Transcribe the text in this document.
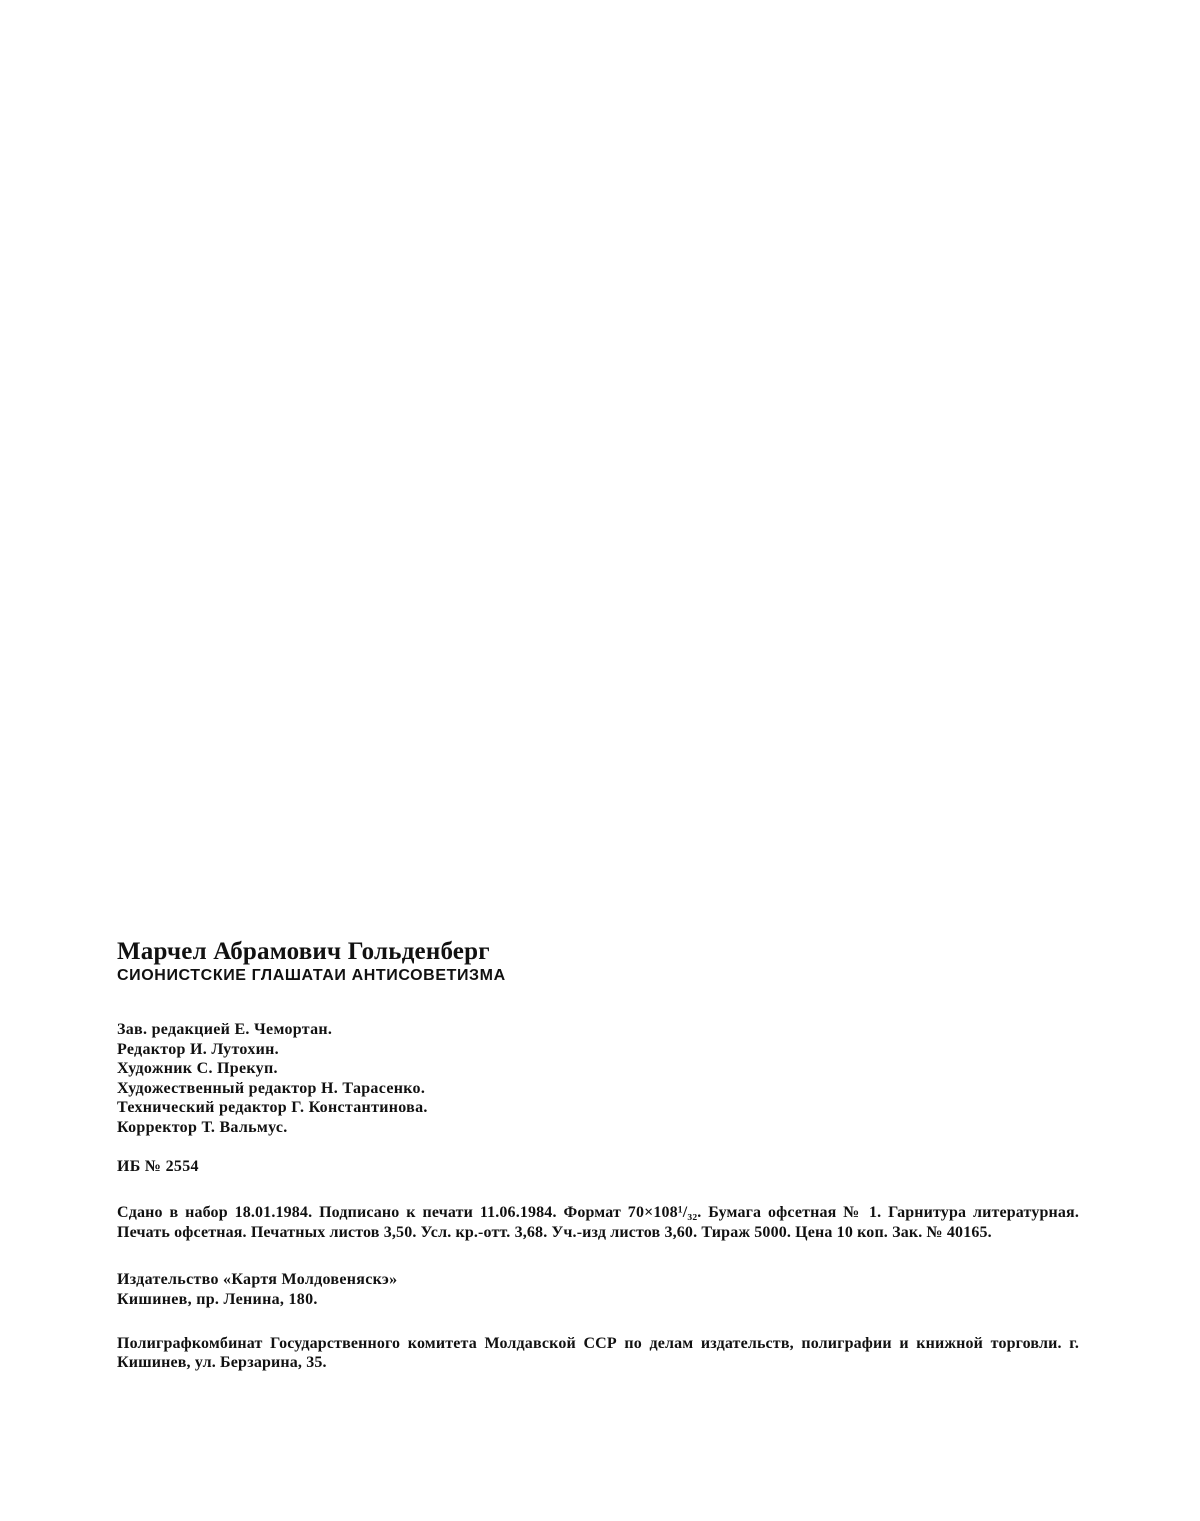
Марчел Абрамович Гольденберг

СИОНИСТСКИЕ ГЛАШАТАИ АНТИСОВЕТИЗМА

Зав. редакцией Е. Чемортан.

Редактор И. Лутохин.

Художник С. Прекуп.

Художественный редактор Н. Тарасенко.

Технический редактор Г. Константинова.

Корректор Т. Вальмус.

ИБ № 2554
Сдано в набор 18.01.1984. Подписано к печати 11.06.1984. Формат 70×108¹/₃₂. Бумага офсетная № 1. Гарнитура литературная. Печать офсетная. Печатных листов 3,50. Усл. кр.-отт. 3,68. Уч.-изд листов 3,60. Тираж 5000. Цена 10 коп. Зак. № 40165.

Издательство «Картя Молдовеняскэ»

Кишинев, пр. Ленина, 180.

Полиграфкомбинат Государственного комитета Молдавской ССР по делам издательств, полиграфии и книжной торговли. г. Кишинев, ул. Берзарина, 35.
